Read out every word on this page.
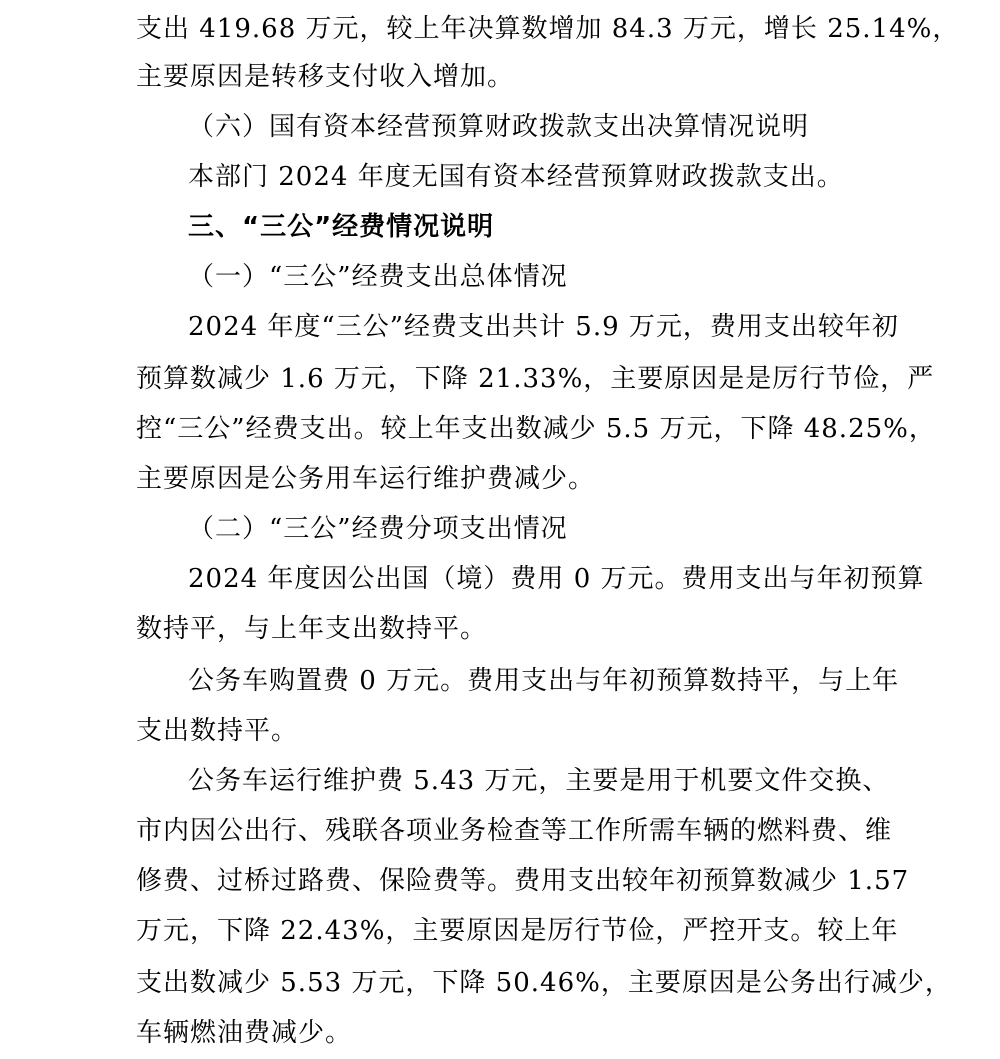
支出 419.68 万元，较上年决算数增加 84.3 万元，增长 25.14%，

主要原因是转移支付收入增加。

（六）国有资本经营预算财政拨款支出决算情况说明

本部门 2024 年度无国有资本经营预算财政拨款支出。

三、“三公”经费情况说明

（一）“三公”经费支出总体情况

2024 年度“三公”经费支出共计 5.9 万元，费用支出较年初

预算数减少 1.6 万元，下降 21.33%，主要原因是是厉行节俭，严

控“三公”经费支出。较上年支出数减少 5.5 万元，下降 48.25%，

主要原因是公务用车运行维护费减少。

（二）“三公”经费分项支出情况

2024 年度因公出国（境）费用 0 万元。费用支出与年初预算

数持平，与上年支出数持平。

公务车购置费 0 万元。费用支出与年初预算数持平，与上年

支出数持平。

公务车运行维护费 5.43 万元，主要是用于机要文件交换、

市内因公出行、残联各项业务检查等工作所需车辆的燃料费、维

修费、过桥过路费、保险费等。费用支出较年初预算数减少 1.57

万元，下降 22.43%，主要原因是厉行节俭，严控开支。较上年

支出数减少 5.53 万元，下降 50.46%，主要原因是公务出行减少，

车辆燃油费减少。
